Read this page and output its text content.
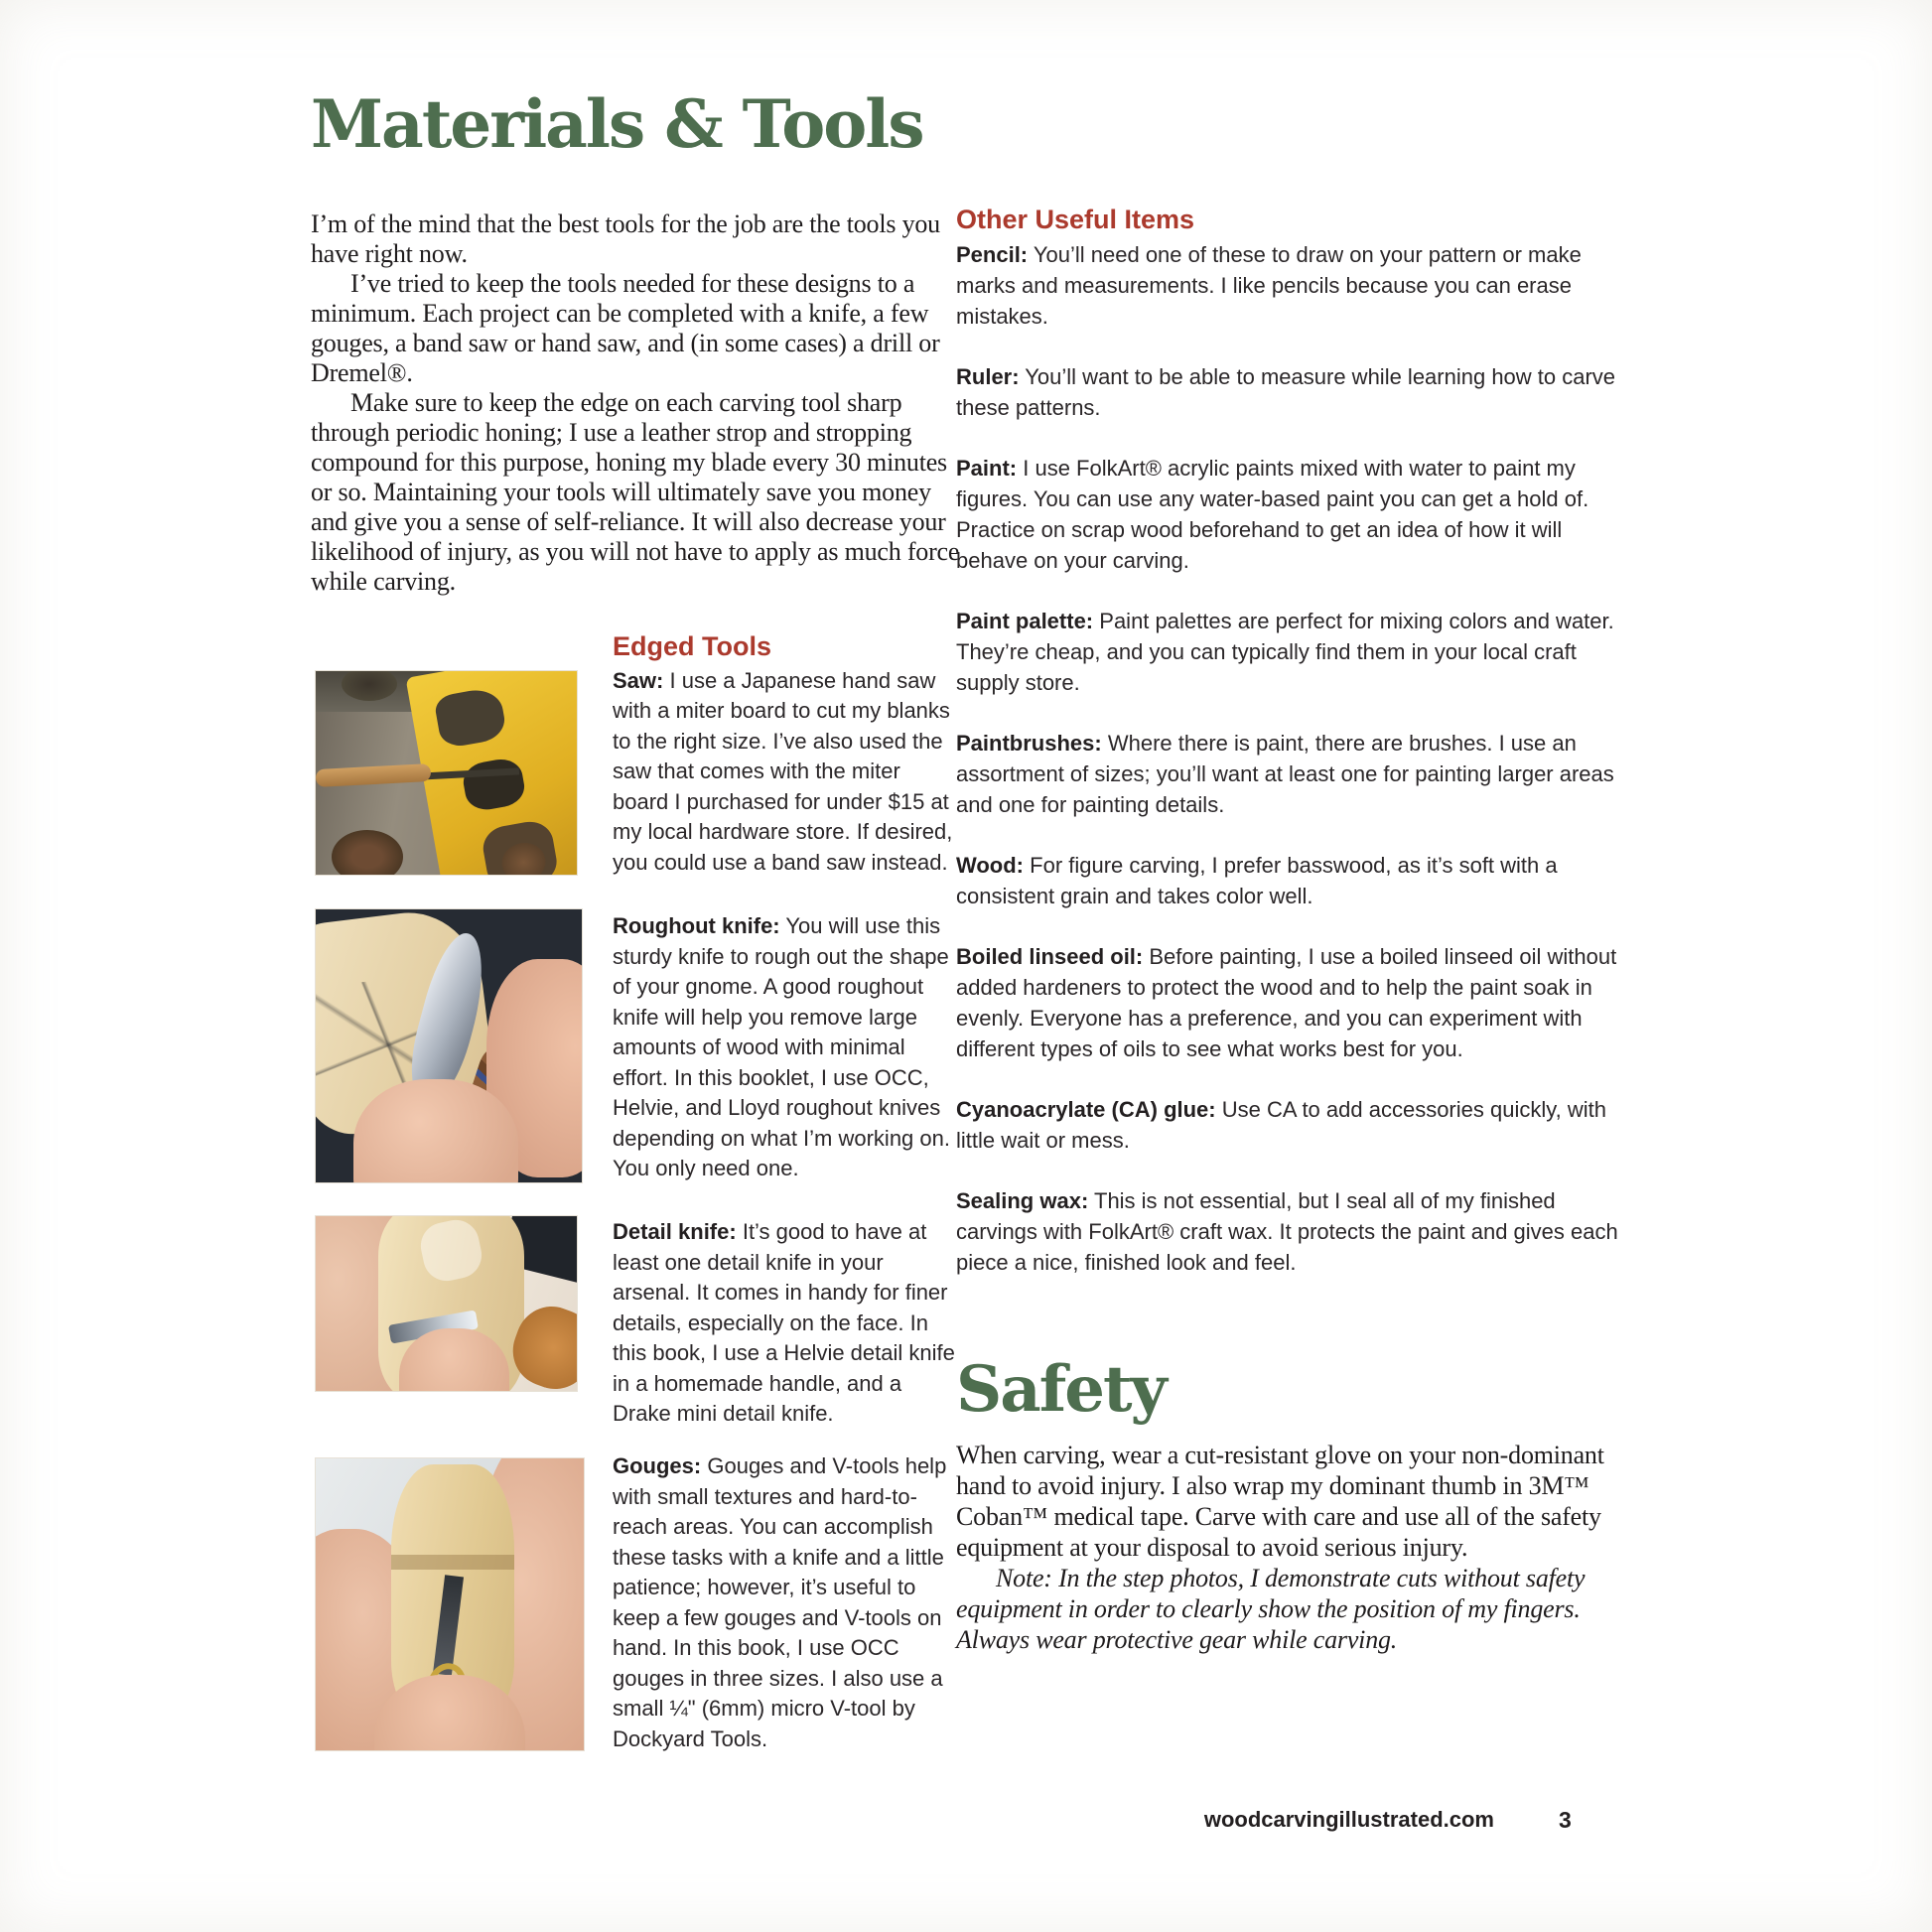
Materials & Tools

I’m of the mind that the best tools for the job are the tools you have right now.

I’ve tried to keep the tools needed for these designs to a minimum. Each project can be completed with a knife, a few gouges, a band saw or hand saw, and (in some cases) a drill or Dremel®.

Make sure to keep the edge on each carving tool sharp through periodic honing; I use a leather strop and stropping compound for this purpose, honing my blade every 30 minutes or so. Maintaining your tools will ultimately save you money and give you a sense of self-reliance. It will also decrease your likelihood of injury, as you will not have to apply as much force while carving.

Edged Tools

Saw: I use a Japanese hand saw with a miter board to cut my blanks to the right size. I’ve also used the saw that comes with the miter board I purchased for under $15 at my local hardware store. If desired, you could use a band saw instead.

Roughout knife: You will use this sturdy knife to rough out the shape of your gnome. A good roughout knife will help you remove large amounts of wood with minimal effort. In this booklet, I use OCC, Helvie, and Lloyd roughout knives depending on what I’m working on. You only need one.

Detail knife: It’s good to have at least one detail knife in your arsenal. It comes in handy for finer details, especially on the face. In this book, I use a Helvie detail knife in a homemade handle, and a Drake mini detail knife.

Gouges: Gouges and V-tools help with small textures and hard-to-reach areas. You can accomplish these tasks with a knife and a little patience; however, it’s useful to keep a few gouges and V-tools on hand. In this book, I use OCC gouges in three sizes. I also use a small ¼" (6mm) micro V-tool by Dockyard Tools.

Other Useful Items

Pencil: You’ll need one of these to draw on your pattern or make marks and measurements. I like pencils because you can erase mistakes.

Ruler: You’ll want to be able to measure while learning how to carve these patterns.

Paint: I use FolkArt® acrylic paints mixed with water to paint my figures. You can use any water-based paint you can get a hold of. Practice on scrap wood beforehand to get an idea of how it will behave on your carving.

Paint palette: Paint palettes are perfect for mixing colors and water. They’re cheap, and you can typically find them in your local craft supply store.

Paintbrushes: Where there is paint, there are brushes. I use an assortment of sizes; you’ll want at least one for painting larger areas and one for painting details.

Wood: For figure carving, I prefer basswood, as it’s soft with a consistent grain and takes color well.

Boiled linseed oil: Before painting, I use a boiled linseed oil without added hardeners to protect the wood and to help the paint soak in evenly. Everyone has a preference, and you can experiment with different types of oils to see what works best for you.

Cyanoacrylate (CA) glue: Use CA to add accessories quickly, with little wait or mess.

Sealing wax: This is not essential, but I seal all of my finished carvings with FolkArt® craft wax. It protects the paint and gives each piece a nice, finished look and feel.

Safety

When carving, wear a cut-resistant glove on your non-dominant hand to avoid injury. I also wrap my dominant thumb in 3M™ Coban™ medical tape. Carve with care and use all of the safety equipment at your disposal to avoid serious injury.

Note: In the step photos, I demonstrate cuts without safety equipment in order to clearly show the position of my fingers. Always wear protective gear while carving.

woodcarvingillustrated.com	3
